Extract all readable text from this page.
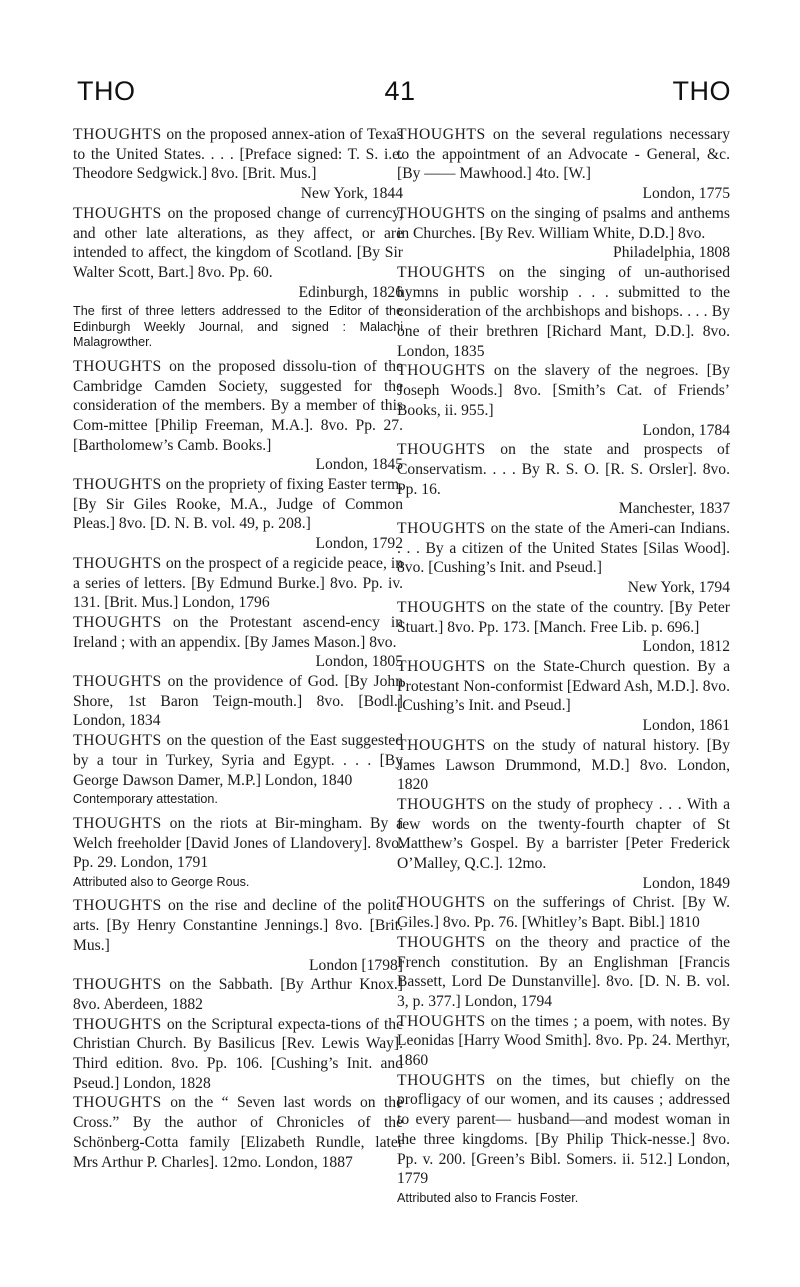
THO	41	THO

THOUGHTS on the proposed annex-ation of Texas to the United States. . . . [Preface signed: T. S. i.e. Theodore Sedgwick.] 8vo. [Brit. Mus.]
New York, 1844

THOUGHTS on the proposed change of currency, and other late alterations, as they affect, or are intended to affect, the kingdom of Scotland. [By Sir Walter Scott, Bart.] 8vo. Pp. 60.
Edinburgh, 1826

The first of three letters addressed to the Editor of the Edinburgh Weekly Journal, and signed : Malachi Malagrowther.

THOUGHTS on the proposed dissolu-tion of the Cambridge Camden Society, suggested for the consideration of the members. By a member of this Com-mittee [Philip Freeman, M.A.]. 8vo. Pp. 27. [Bartholomew’s Camb. Books.]
London, 1845

THOUGHTS on the propriety of fixing Easter term. [By Sir Giles Rooke, M.A., Judge of Common Pleas.] 8vo. [D. N. B. vol. 49, p. 208.]
London, 1792

THOUGHTS on the prospect of a regicide peace, in a series of letters. [By Edmund Burke.] 8vo. Pp. iv. 131. [Brit. Mus.] London, 1796

THOUGHTS on the Protestant ascend-ency in Ireland ; with an appendix. [By James Mason.] 8vo.
London, 1805

THOUGHTS on the providence of God. [By John Shore, 1st Baron Teign-mouth.] 8vo. [Bodl.] London, 1834

THOUGHTS on the question of the East suggested by a tour in Turkey, Syria and Egypt. . . . [By George Dawson Damer, M.P.] London, 1840

Contemporary attestation.

THOUGHTS on the riots at Bir-mingham. By a Welch freeholder [David Jones of Llandovery]. 8vo. Pp. 29. London, 1791

Attributed also to George Rous.

THOUGHTS on the rise and decline of the polite arts. [By Henry Constantine Jennings.] 8vo. [Brit. Mus.]
London [1798]

THOUGHTS on the Sabbath. [By Arthur Knox.] 8vo. Aberdeen, 1882

THOUGHTS on the Scriptural expecta-tions of the Christian Church. By Basilicus [Rev. Lewis Way]. Third edition. 8vo. Pp. 106. [Cushing’s Init. and Pseud.] London, 1828

THOUGHTS on the “ Seven last words on the Cross.” By the author of Chronicles of the Schönberg-Cotta family [Elizabeth Rundle, later Mrs Arthur P. Charles]. 12mo. London, 1887

THOUGHTS on the several regulations necessary to the appointment of an Advocate - General, &c. [By —— Mawhood.] 4to. [W.]
London, 1775

THOUGHTS on the singing of psalms and anthems in Churches. [By Rev. William White, D.D.] 8vo.
Philadelphia, 1808

THOUGHTS on the singing of un-authorised hymns in public worship . . . submitted to the consideration of the archbishops and bishops. . . . By one of their brethren [Richard Mant, D.D.]. 8vo. London, 1835

THOUGHTS on the slavery of the negroes. [By Joseph Woods.] 8vo. [Smith’s Cat. of Friends’ Books, ii. 955.]
London, 1784

THOUGHTS on the state and prospects of Conservatism. . . . By R. S. O. [R. S. Orsler]. 8vo. Pp. 16.
Manchester, 1837

THOUGHTS on the state of the Ameri-can Indians. . . . By a citizen of the United States [Silas Wood]. 8vo. [Cushing’s Init. and Pseud.]
New York, 1794

THOUGHTS on the state of the country. [By Peter Stuart.] 8vo. Pp. 173. [Manch. Free Lib. p. 696.]
London, 1812

THOUGHTS on the State-Church question. By a Protestant Non-conformist [Edward Ash, M.D.]. 8vo. [Cushing’s Init. and Pseud.]
London, 1861

THOUGHTS on the study of natural history. [By James Lawson Drummond, M.D.] 8vo. London, 1820

THOUGHTS on the study of prophecy . . . With a few words on the twenty-fourth chapter of St Matthew’s Gospel. By a barrister [Peter Frederick O’Malley, Q.C.]. 12mo.
London, 1849

THOUGHTS on the sufferings of Christ. [By W. Giles.] 8vo. Pp. 76. [Whitley’s Bapt. Bibl.] 1810

THOUGHTS on the theory and practice of the French constitution. By an Englishman [Francis Bassett, Lord De Dunstanville]. 8vo. [D. N. B. vol. 3, p. 377.] London, 1794

THOUGHTS on the times ; a poem, with notes. By Leonidas [Harry Wood Smith]. 8vo. Pp. 24. Merthyr, 1860

THOUGHTS on the times, but chiefly on the profligacy of our women, and its causes ; addressed to every parent— husband—and modest woman in the three kingdoms. [By Philip Thick-nesse.] 8vo. Pp. v. 200. [Green’s Bibl. Somers. ii. 512.] London, 1779

Attributed also to Francis Foster.
